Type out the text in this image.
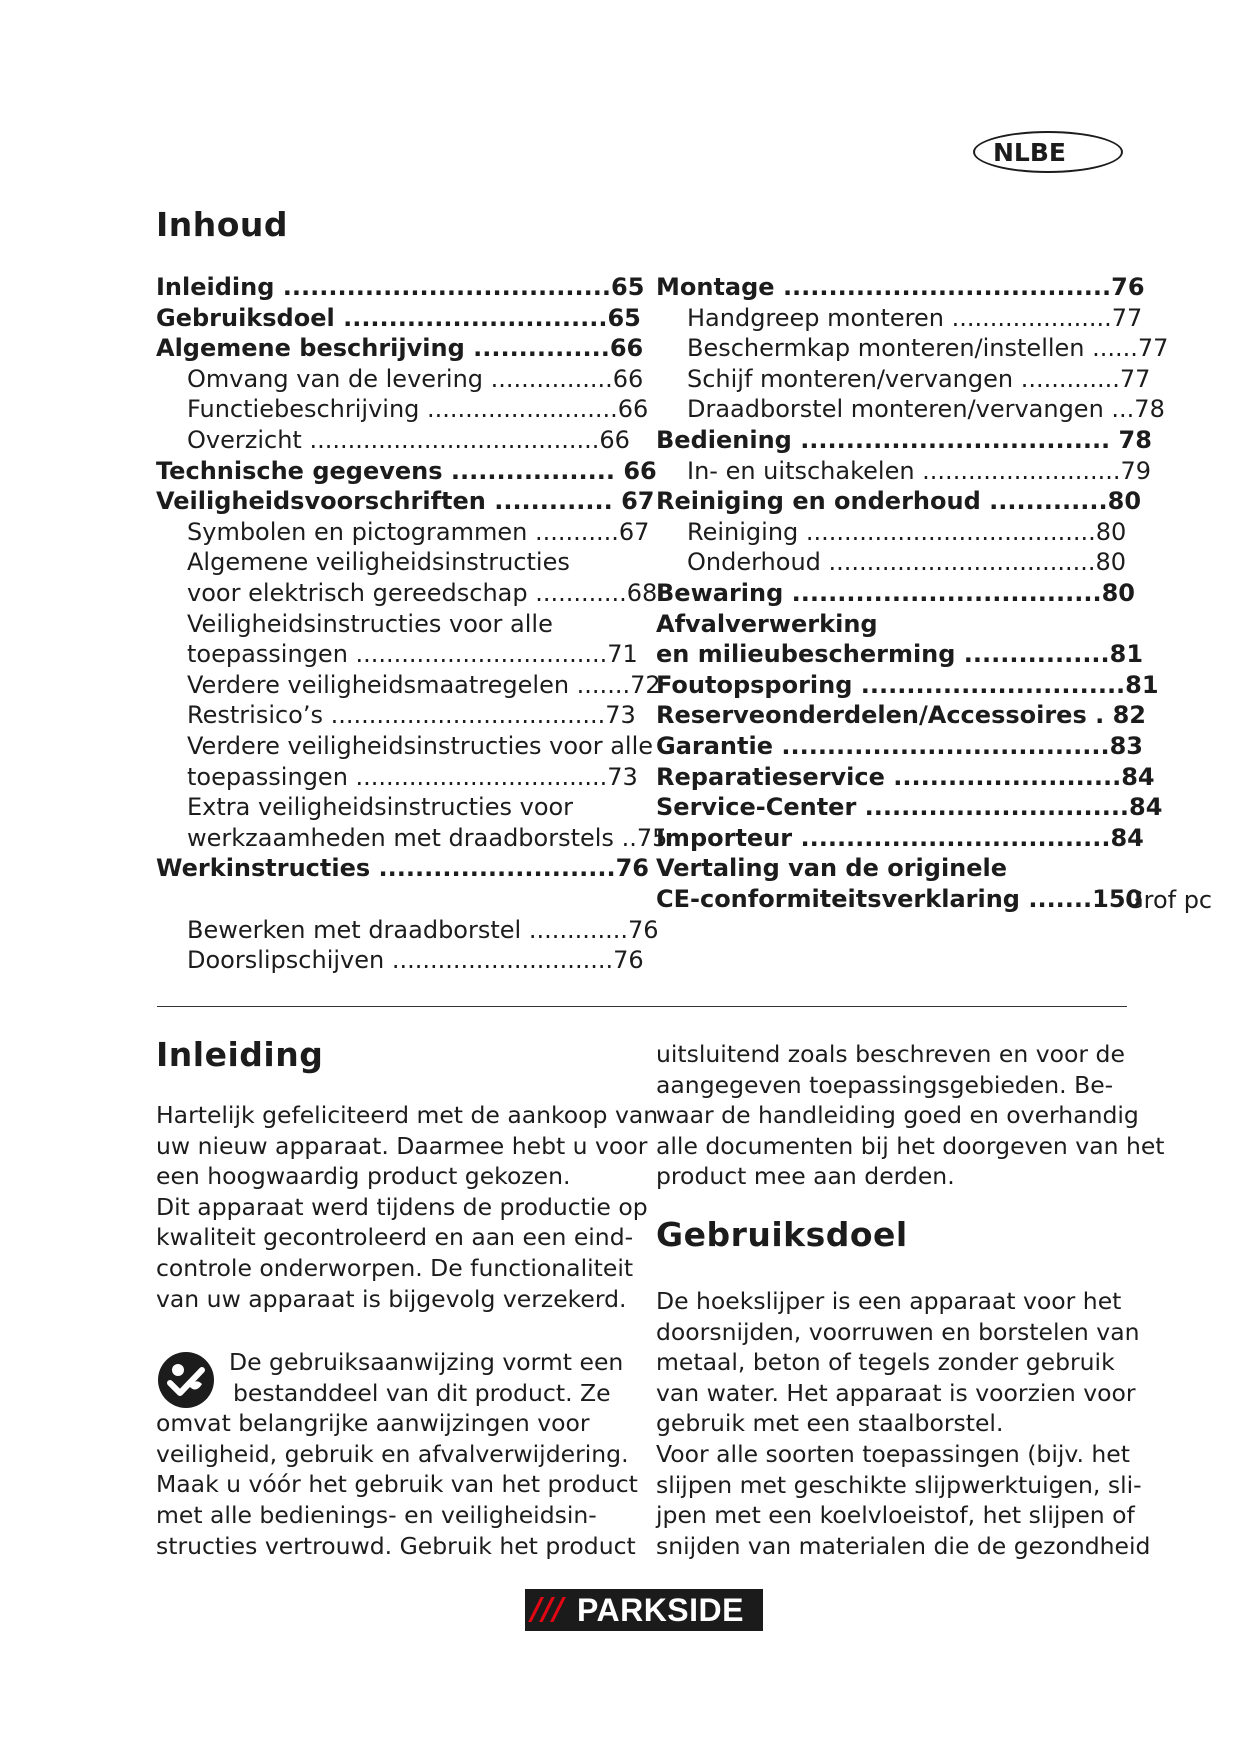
NLBE
Inhoud
Inleiding ....................................65
Gebruiksdoel .............................65
Algemene beschrijving ...............66
Omvang van de levering ................66
Functiebeschrijving .........................66
Overzicht ......................................66
Technische gegevens .................. 66
Veiligheidsvoorschriften ............. 67
Symbolen en pictogrammen ...........67
Algemene veiligheidsinstructies
voor elektrisch gereedschap ............68
Veiligheidsinstructies voor alle
toepassingen .................................71
Verdere veiligheidsmaatregelen .......72
Restrisico’s ....................................73
Verdere veiligheidsinstructies voor alle
toepassingen .................................73
Extra veiligheidsinstructies voor
werkzaamheden met draadborstels ..75
Werkinstructies ..........................76
Bewerken met draadborstel .............76
Doorslipschijven .............................76
Montage ....................................76
Handgreep monteren .....................77
Beschermkap monteren/instellen ......77
Schijf monteren/vervangen .............77
Draadborstel monteren/vervangen ...78
Bediening .................................. 78
In- en uitschakelen ..........................79
Reiniging en onderhoud .............80
Reiniging ......................................80
Onderhoud ...................................80
Bewaring ..................................80
Afvalverwerking
en milieubescherming ................81
Foutopsporing .............................81
Reserveonderdelen/Accessoires . 82
Garantie ....................................83
Reparatieservice .........................84
Service-Center .............................84
Importeur ..................................84
Vertaling van de originele
CE-conformiteitsverklaring .......150
Grof pc
Inleiding
Hartelijk gefeliciteerd met de aankoop van
uw nieuw apparaat. Daarmee hebt u voor
een hoogwaardig product gekozen.
Dit apparaat werd tijdens de productie op
kwaliteit gecontroleerd en aan een eind-
controle onderworpen. De functionaliteit
van uw apparaat is bijgevolg verzekerd.
De gebruiksaanwijzing vormt een
bestanddeel van dit product. Ze
omvat belangrijke aanwijzingen voor
veiligheid, gebruik en afvalverwijdering.
Maak u vóór het gebruik van het product
met alle bedienings- en veiligheidsin-
structies vertrouwd. Gebruik het product
uitsluitend zoals beschreven en voor de
aangegeven toepassingsgebieden. Be-
waar de handleiding goed en overhandig
alle documenten bij het doorgeven van het
product mee aan derden.
Gebruiksdoel
De hoekslijper is een apparaat voor het
doorsnijden, voorruwen en borstelen van
metaal, beton of tegels zonder gebruik
van water. Het apparaat is voorzien voor
gebruik met een staalborstel.
Voor alle soorten toepassingen (bijv. het
slijpen met geschikte slijpwerktuigen, sli-
jpen met een koelvloeistof, het slijpen of
snijden van materialen die de gezondheid
/// PARKSIDE
